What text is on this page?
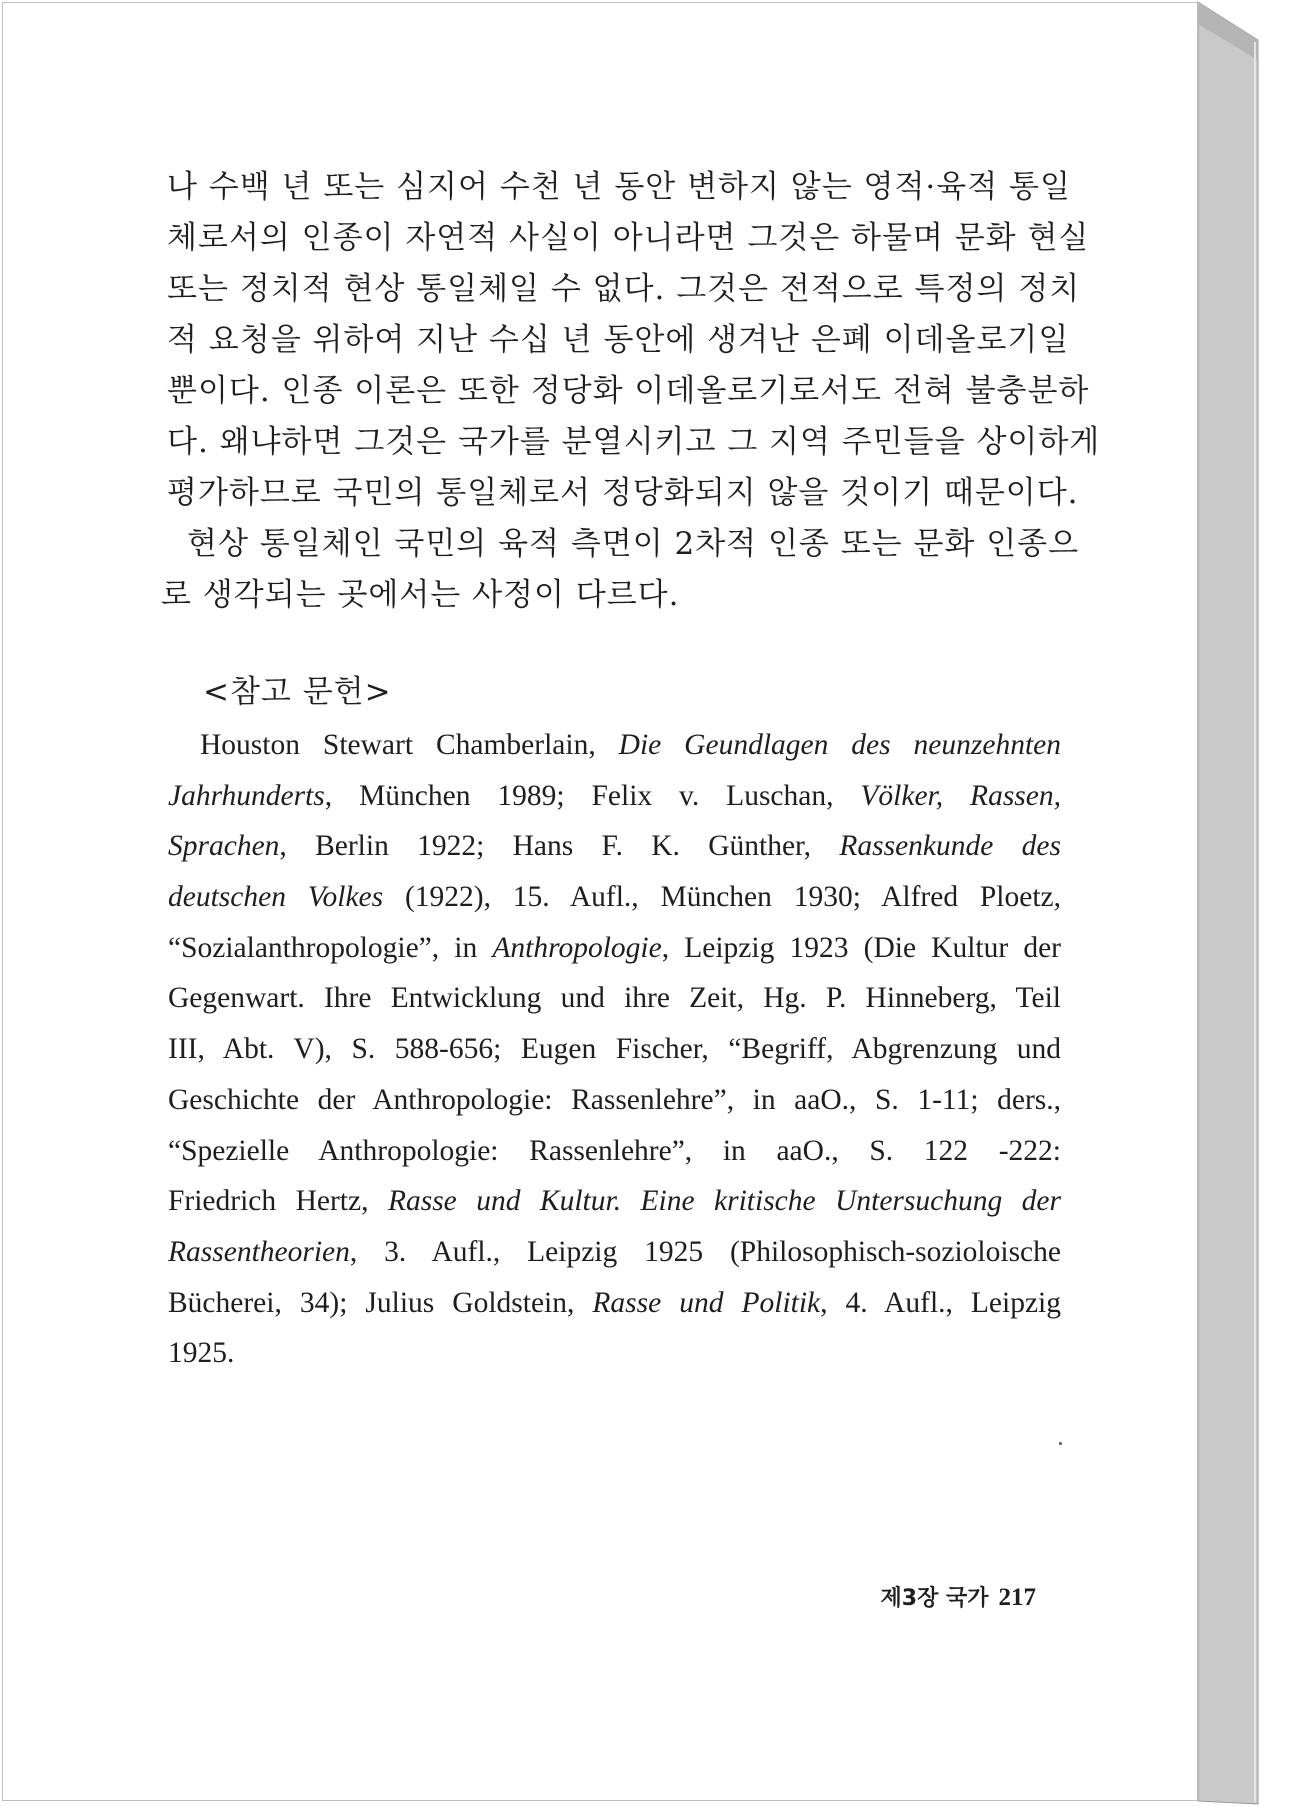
나 수백 년 또는 심지어 수천 년 동안 변하지 않는 영적·육적 통일
체로서의 인종이 자연적 사실이 아니라면 그것은 하물며 문화 현실
또는 정치적 현상 통일체일 수 없다. 그것은 전적으로 특정의 정치
적 요청을 위하여 지난 수십 년 동안에 생겨난 은폐 이데올로기일
뿐이다. 인종 이론은 또한 정당화 이데올로기로서도 전혀 불충분하
다. 왜냐하면 그것은 국가를 분열시키고 그 지역 주민들을 상이하게
평가하므로 국민의 통일체로서 정당화되지 않을 것이기 때문이다.
현상 통일체인 국민의 육적 측면이 2차적 인종 또는 문화 인종으
로 생각되는 곳에서는 사정이 다르다.
<참고 문헌>
Houston Stewart Chamberlain, Die Geundlagen des neunzehnten
Jahrhunderts, München 1989; Felix v. Luschan, Völker, Rassen,
Sprachen, Berlin 1922; Hans F. K. Günther, Rassenkunde des
deutschen Volkes (1922), 15. Aufl., München 1930; Alfred Ploetz,
“Sozialanthropologie”, in Anthropologie, Leipzig 1923 (Die Kultur der
Gegenwart. Ihre Entwicklung und ihre Zeit, Hg. P. Hinneberg, Teil
III, Abt. V), S. 588-656; Eugen Fischer, “Begriff, Abgrenzung und
Geschichte der Anthropologie: Rassenlehre”, in aaO., S. 1-11; ders.,
“Spezielle Anthropologie: Rassenlehre”, in aaO., S. 122 -222:
Friedrich Hertz, Rasse und Kultur. Eine kritische Untersuchung der
Rassentheorien, 3. Aufl., Leipzig 1925 (Philosophisch-sozioloische
Bücherei, 34); Julius Goldstein, Rasse und Politik, 4. Aufl., Leipzig
1925.
제3장 국가 217
